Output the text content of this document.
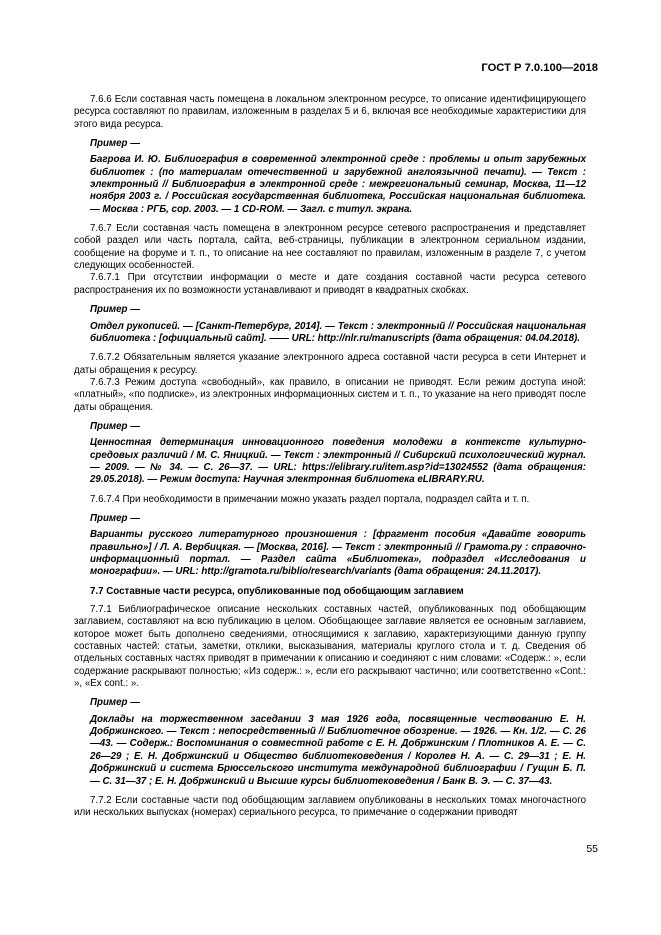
ГОСТ Р 7.0.100—2018

7.6.6 Если составная часть помещена в локальном электронном ресурсе, то описание идентифицирующего ресурса составляют по правилам, изложенным в разделах 5 и 6, включая все необходимые характеристики для этого вида ресурса.

Пример —

Багрова И. Ю. Библиография в современной электронной среде : проблемы и опыт зарубежных библиотек : (по материалам отечественной и зарубежной англоязычной печати). — Текст : электронный // Библиография в электронной среде : межрегиональный семинар, Москва, 11—12 ноября 2003 г. / Российская государственная библиотека, Российская национальная библиотека. — Москва : РГБ, сор. 2003. — 1 CD-ROM. — Загл. с титул. экрана.

7.6.7 Если составная часть помещена в электронном ресурсе сетевого распространения и представляет собой раздел или часть портала, сайта, веб-страницы, публикации в электронном сериальном издании, сообщение на форуме и т. п., то описание на нее составляют по правилам, изложенным в разделе 7, с учетом следующих особенностей.

7.6.7.1 При отсутствии информации о месте и дате создания составной части ресурса сетевого распространения их по возможности устанавливают и приводят в квадратных скобках.

Пример —

Отдел рукописей. — [Санкт-Петербург, 2014]. — Текст : электронный // Российская национальная библиотека : [официальный сайт]. —— URL: http://nlr.ru/manuscripts (дата обращения: 04.04.2018).

7.6.7.2 Обязательным является указание электронного адреса составной части ресурса в сети Интернет и даты обращения к ресурсу.

7.6.7.3 Режим доступа «свободный», как правило, в описании не приводят. Если режим доступа иной: «платный», «по подписке», из электронных информационных систем и т. п., то указание на него приводят после даты обращения.

Пример —

Ценностная детерминация инновационного поведения молодежи в контексте культурно-средовых различий / М. С. Яницкий. — Текст : электронный // Сибирский психологический журнал. — 2009. — № 34. — С. 26—37. — URL: https://elibrary.ru/item.asp?id=13024552 (дата обращения: 29.05.2018). — Режим доступа: Научная электронная библиотека eLIBRARY.RU.

7.6.7.4 При необходимости в примечании можно указать раздел портала, подраздел сайта и т. п.

Пример —

Варианты русского литературного произношения : [фрагмент пособия «Давайте говорить правильно»] / Л. А. Вербицкая. — [Москва, 2016]. — Текст : электронный // Грамота.ру : справочно-информационный портал. — Раздел сайта «Библиотека», подраздел «Исследования и монографии». — URL: http://gramota.ru/biblio/research/variants (дата обращения: 24.11.2017).

7.7 Составные части ресурса, опубликованные под обобщающим заглавием

7.7.1 Библиографическое описание нескольких составных частей, опубликованных под обобщающим заглавием, составляют на всю публикацию в целом. Обобщающее заглавие является ее основным заглавием, которое может быть дополнено сведениями, относящимися к заглавию, характеризующими данную группу составных частей: статьи, заметки, отклики, высказывания, материалы круглого стола и т. д. Сведения об отдельных составных частях приводят в примечании к описанию и соединяют с ним словами: «Содерж.: », если содержание раскрывают полностью; «Из содерж.: », если его раскрывают частично; или соответственно «Cont.: », «Ex cont.: ».

Пример —

Доклады на торжественном заседании 3 мая 1926 года, посвященные чествованию Е. Н. Добржинского. — Текст : непосредственный // Библиотечное обозрение. — 1926. — Кн. 1/2. — С. 26—43. — Содерж.: Воспоминания о совместной работе с Е. Н. Добржинским / Плотников А. Е. — С. 26—29 ; Е. Н. Добржинский и Общество библиотековедения / Королев Н. А. — С. 29—31 ; Е. Н. Добржинский и система Брюссельского института международной библиографии / Гущин Б. П. — С. 31—37 ; Е. Н. Добржинский и Высшие курсы библиотековедения / Банк В. Э. — С. 37—43.

7.7.2 Если составные части под обобщающим заглавием опубликованы в нескольких томах многочастного или нескольких выпусках (номерах) сериального ресурса, то примечание о содержании приводят

55
